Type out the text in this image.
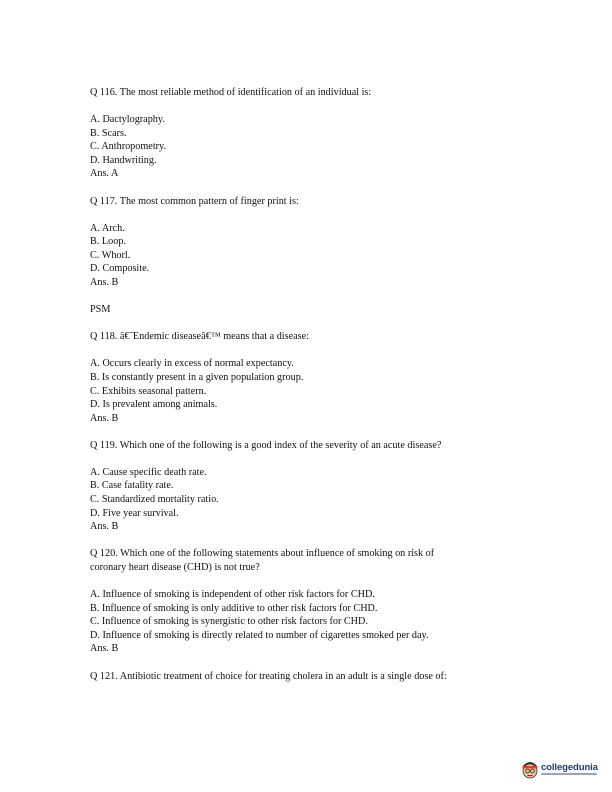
Q 116. The most reliable method of identification of an individual is:

A. Dactylography.

B. Scars.

C. Anthropometry.

D. Handwriting.

Ans. A

Q 117. The most common pattern of finger print is:

A. Arch.

B. Loop.

C. Whorl.

D. Composite.

Ans. B

PSM

Q 118. â€˜Endemic diseaseâ€™ means that a disease:

A. Occurs clearly in excess of normal expectancy.

B. Is constantly present in a given population group.

C. Exhibits seasonal pattern.

D. Is prevalent among animals.

Ans. B

Q 119. Which one of the following is a good index of the severity of an acute disease?

A. Cause specific death rate.

B. Case fatality rate.

C. Standardized mortality ratio.

D. Five year survival.

Ans. B

Q 120. Which one of the following statements about influence of smoking on risk of
coronary heart disease (CHD) is not true?

A. Influence of smoking is independent of other risk factors for CHD.

B. Influence of smoking is only additive to other risk factors for CHD.

C. Influence of smoking is synergistic to other risk factors for CHD.

D. Influence of smoking is directly related to number of cigarettes smoked per day.

Ans. B

Q 121. Antibiotic treatment of choice for treating cholera in an adult is a single dose of:

collegedunia
